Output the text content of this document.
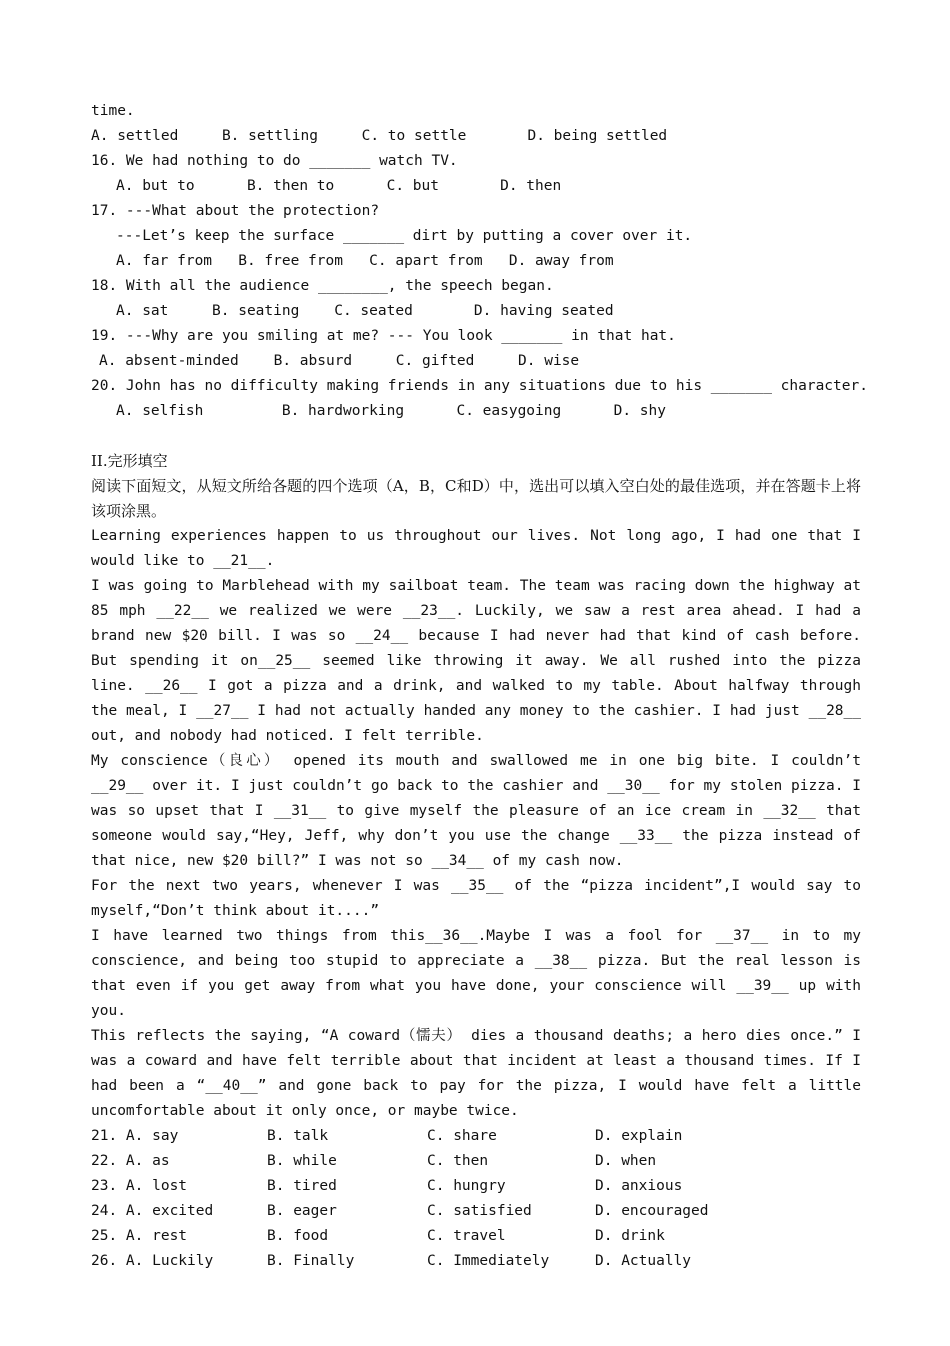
time.
A. settled     B. settling     C. to settle       D. being settled
16. We had nothing to do _______ watch TV.
A. but to      B. then to      C. but       D. then
17. ---What about the protection?
---Let’s keep the surface _______ dirt by putting a cover over it.
A. far from   B. free from   C. apart from   D. away from
18. With all the audience ________, the speech began.
A. sat     B. seating    C. seated       D. having seated
19. ---Why are you smiling at me? --- You look _______ in that hat.
A. absent-minded    B. absurd     C. gifted     D. wise
20. John has no difficulty making friends in any situations due to his _______ character.
A. selfish         B. hardworking      C. easygoing      D. shy
II.完形填空
阅读下面短文，从短文所给各题的四个选项（A，B，C和D）中，选出可以填入空白处的最佳选项，并在答题卡上将该项涂黑。
Learning experiences happen to us throughout our lives. Not long ago, I had one that I would like to __21__.
I was going to Marblehead with my sailboat team. The team was racing down the highway at 85 mph __22__ we realized we were __23__. Luckily, we saw a rest area ahead. I had a brand new $20 bill. I was so __24__ because I had never had that kind of cash before. But spending it on__25__ seemed like throwing it away. We all rushed into the pizza line. __26__ I got a pizza and a drink, and walked to my table. About halfway through the meal, I __27__ I had not actually handed any money to the cashier. I had just __28__ out, and nobody had noticed. I felt terrible.
My conscience（良心） opened its mouth and swallowed me in one big bite. I couldn’t __29__ over it. I just couldn’t go back to the cashier and __30__ for my stolen pizza. I was so upset that I __31__ to give myself the pleasure of an ice cream in __32__ that someone would say,“Hey, Jeff, why don’t you use the change __33__ the pizza instead of that nice, new $20 bill?” I was not so __34__ of my cash now.
For the next two years, whenever I was __35__ of the “pizza incident”,I would say to myself,“Don’t think about it....”
I have learned two things from this__36__.Maybe I was a fool for __37__ in to my conscience, and being too stupid to appreciate a __38__ pizza. But the real lesson is that even if you get away from what you have done, your conscience will __39__ up with you.
This reflects the saying, “A coward（懦夫） dies a thousand deaths; a hero dies once.” I was a coward and have felt terrible about that incident at least a thousand times. If I had been a “__40__” and gone back to pay for the pizza, I would have felt a little uncomfortable about it only once, or maybe twice.
21. A. say	B. talk	C. share	D. explain
22. A. as	B. while	C. then	D. when
23. A. lost	B. tired	C. hungry	D. anxious
24. A. excited	B. eager	C. satisfied	D. encouraged
25. A. rest	B. food	C. travel	D. drink
26. A. Luckily	B. Finally	C. Immediately	D. Actually
